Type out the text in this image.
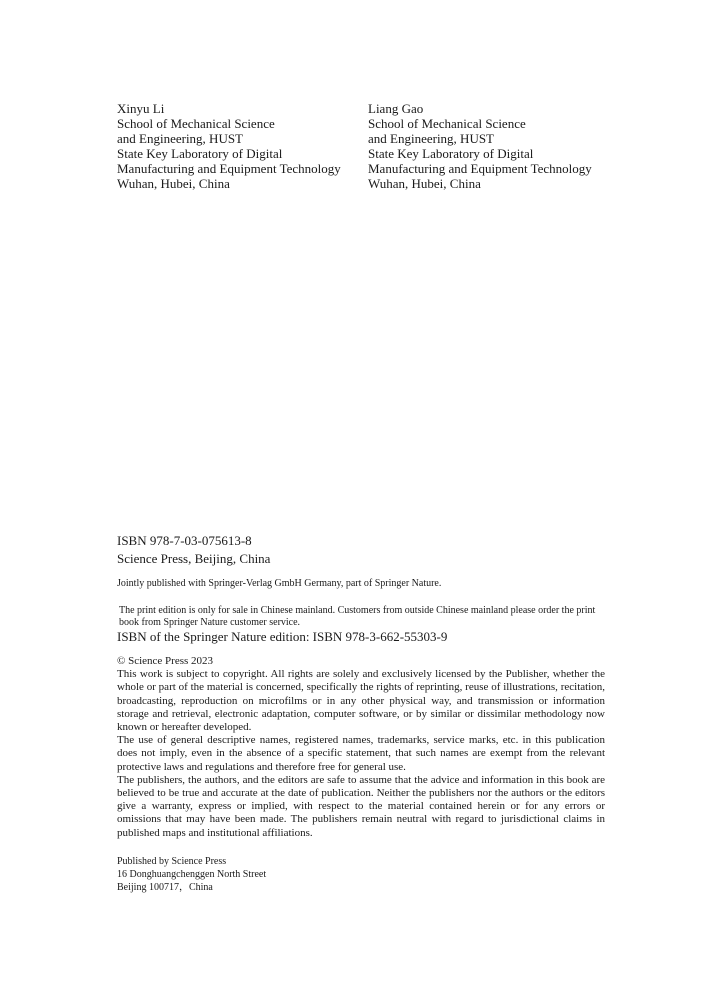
Xinyu Li
School of Mechanical Science
and Engineering, HUST
State Key Laboratory of Digital
Manufacturing and Equipment Technology
Wuhan, Hubei, China
Liang Gao
School of Mechanical Science
and Engineering, HUST
State Key Laboratory of Digital
Manufacturing and Equipment Technology
Wuhan, Hubei, China
ISBN 978-7-03-075613-8
Science Press, Beijing, China
Jointly published with Springer-Verlag GmbH Germany, part of Springer Nature.
The print edition is only for sale in Chinese mainland. Customers from outside Chinese mainland please order the print book from Springer Nature customer service.
ISBN of the Springer Nature edition: ISBN 978-3-662-55303-9

© Science Press 2023

This work is subject to copyright. All rights are solely and exclusively licensed by the Publisher, whether the whole or part of the material is concerned, specifically the rights of reprinting, reuse of illustrations, recitation, broadcasting, reproduction on microfilms or in any other physical way, and transmission or information storage and retrieval, electronic adaptation, computer software, or by similar or dissimilar methodology now known or hereafter developed.

The use of general descriptive names, registered names, trademarks, service marks, etc. in this publication does not imply, even in the absence of a specific statement, that such names are exempt from the relevant protective laws and regulations and therefore free for general use.

The publishers, the authors, and the editors are safe to assume that the advice and information in this book are believed to be true and accurate at the date of publication. Neither the publishers nor the authors or the editors give a warranty, express or implied, with respect to the material contained herein or for any errors or omissions that may have been made. The publishers remain neutral with regard to jurisdictional claims in published maps and institutional affiliations.

Published by Science Press
16 Donghuangchenggen North Street
Beijing 100717，China
